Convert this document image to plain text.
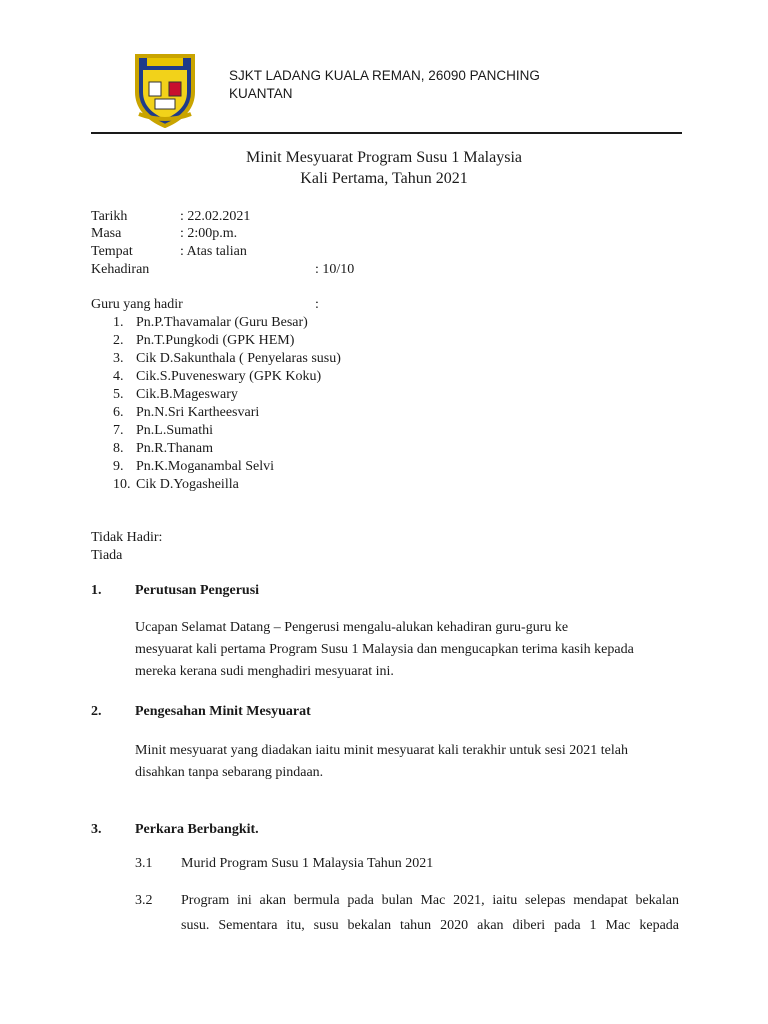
SJKT LADANG KUALA REMAN, 26090 PANCHING
KUANTAN
Minit Mesyuarat Program Susu 1 Malaysia
Kali Pertama, Tahun 2021
Tarikh	: 22.02.2021
Masa	: 2:00p.m.
Tempat	: Atas talian
Kehadiran	: 10/10
Guru yang hadir	:
1. Pn.P.Thavamalar (Guru Besar)
2. Pn.T.Pungkodi (GPK HEM)
3. Cik D.Sakunthala ( Penyelaras susu)
4. Cik.S.Puveneswary (GPK Koku)
5. Cik.B.Mageswary
6. Pn.N.Sri Kartheesvari
7. Pn.L.Sumathi
8. Pn.R.Thanam
9. Pn.K.Moganambal Selvi
10. Cik D.Yogasheilla
Tidak Hadir:
Tiada
1. Perutusan Pengerusi
Ucapan Selamat Datang – Pengerusi mengalu-alukan kehadiran guru-guru ke
mesyuarat kali pertama Program Susu 1 Malaysia dan mengucapkan terima kasih kepada
mereka kerana sudi menghadiri mesyuarat ini.
2. Pengesahan Minit Mesyuarat
Minit mesyuarat yang diadakan iaitu minit mesyuarat kali terakhir untuk sesi 2021 telah
disahkan tanpa sebarang pindaan.
3. Perkara Berbangkit.
3.1 Murid Program Susu 1 Malaysia Tahun 2021
3.2 Program ini akan bermula pada bulan Mac 2021, iaitu selepas mendapat bekalan
susu. Sementara itu, susu bekalan tahun 2020 akan diberi pada 1 Mac kepada
